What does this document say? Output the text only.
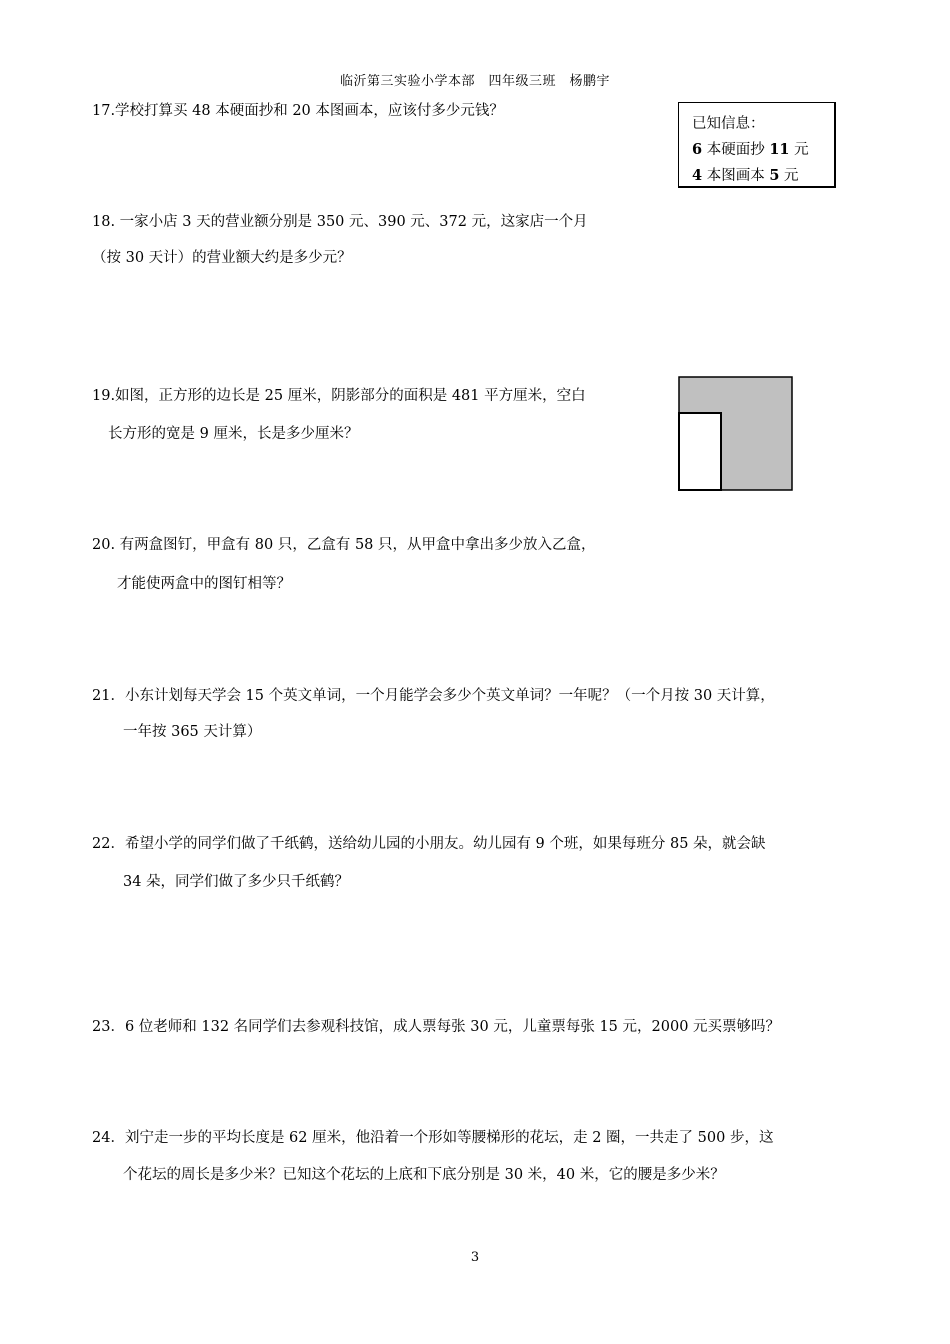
临沂第三实验小学本部　四年级三班　杨鹏宇
17.学校打算买 48 本硬面抄和 20 本图画本，应该付多少元钱？
已知信息：
6 本硬面抄 11 元
4 本图画本 5 元
18. 一家小店 3 天的营业额分别是 350 元、390 元、372 元，这家店一个月
（按 30 天计）的营业额大约是多少元？
19.如图，正方形的边长是 25 厘米，阴影部分的面积是 481 平方厘米，空白
长方形的宽是 9 厘米，长是多少厘米？
20. 有两盒图钉，甲盒有 80 只，乙盒有 58 只，从甲盒中拿出多少放入乙盒，
才能使两盒中的图钉相等？
21．小东计划每天学会 15 个英文单词，一个月能学会多少个英文单词？一年呢？（一个月按 30 天计算，
一年按 365 天计算）
22．希望小学的同学们做了千纸鹤，送给幼儿园的小朋友。幼儿园有 9 个班，如果每班分 85 朵，就会缺
34 朵，同学们做了多少只千纸鹤？
23．6 位老师和 132 名同学们去参观科技馆，成人票每张 30 元，儿童票每张 15 元，2000 元买票够吗？
24．刘宁走一步的平均长度是 62 厘米，他沿着一个形如等腰梯形的花坛，走 2 圈，一共走了 500 步，这
个花坛的周长是多少米？已知这个花坛的上底和下底分别是 30 米，40 米，它的腰是多少米？
3
